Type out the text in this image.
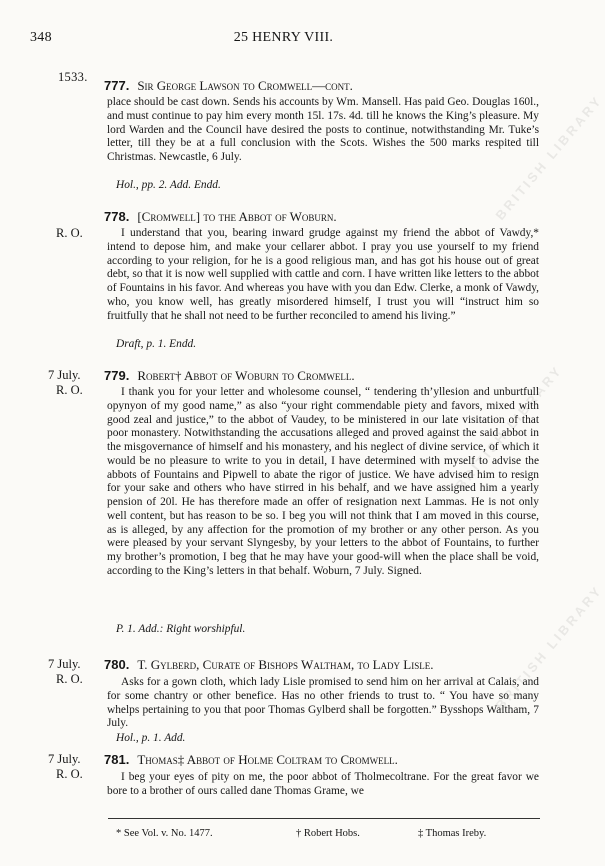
BRITISH LIBRARY
BRITISH LIBRARY
BRITISH LIBRARY
348	25 HENRY VIII.
1533.
777. Sir George Lawson to Cromwell—cont.
place should be cast down. Sends his accounts by Wm. Mansell. Has paid Geo. Douglas 160l., and must continue to pay him every month 15l. 17s. 4d. till he knows the King’s pleasure. My lord Warden and the Council have desired the posts to continue, notwithstanding Mr. Tuke’s letter, till they be at a full conclusion with the Scots. Wishes the 500 marks respited till Christmas. Newcastle, 6 July.
Hol., pp. 2. Add. Endd.
R. O.
778. [Cromwell] to the Abbot of Woburn.
I understand that you, bearing inward grudge against my friend the abbot of Vawdy,* intend to depose him, and make your cellarer abbot. I pray you use yourself to my friend according to your religion, for he is a good religious man, and has got his house out of great debt, so that it is now well supplied with cattle and corn. I have written like letters to the abbot of Fountains in his favor. And whereas you have with you dan Edw. Clerke, a monk of Vawdy, who, you know well, has greatly misordered himself, I trust you will “instruct him so fruitfully that he shall not need to be further reconciled to amend his living.”
Draft, p. 1. Endd.
7 July.
R. O.
779. Robert† Abbot of Woburn to Cromwell.
I thank you for your letter and wholesome counsel, “ tendering th’yllesion and unburtfull opynyon of my good name,” as also “your right commendable piety and favors, mixed with good zeal and justice,” to the abbot of Vaudey, to be ministered in our late visitation of that poor monastery. Notwithstanding the accusations alleged and proved against the said abbot in the misgovernance of himself and his monastery, and his neglect of divine service, of which it would be no pleasure to write to you in detail, I have determined with myself to advise the abbots of Fountains and Pipwell to abate the rigor of justice. We have advised him to resign for your sake and others who have stirred in his behalf, and we have assigned him a yearly pension of 20l. He has therefore made an offer of resignation next Lammas. He is not only well content, but has reason to be so. I beg you will not think that I am moved in this course, as is alleged, by any affection for the promotion of my brother or any other person. As you were pleased by your servant Slyngesby, by your letters to the abbot of Fountains, to further my brother’s promotion, I beg that he may have your good-will when the place shall be void, according to the King’s letters in that behalf. Woburn, 7 July. Signed.
P. 1. Add.: Right worshipful.
7 July.
R. O.
780. T. Gylberd, Curate of Bishops Waltham, to Lady Lisle.
Asks for a gown cloth, which lady Lisle promised to send him on her arrival at Calais, and for some chantry or other benefice. Has no other friends to trust to. “ You have so many whelps pertaining to you that poor Thomas Gylberd shall be forgotten.” Bysshops Waltham, 7 July.
Hol., p. 1. Add.
7 July.
R. O.
781. Thomas‡ Abbot of Holme Coltram to Cromwell.
I beg your eyes of pity on me, the poor abbot of Tholmecoltrane. For the great favor we bore to a brother of ours called dane Thomas Grame, we
* See Vol. v. No. 1477.	† Robert Hobs.	‡ Thomas Ireby.
